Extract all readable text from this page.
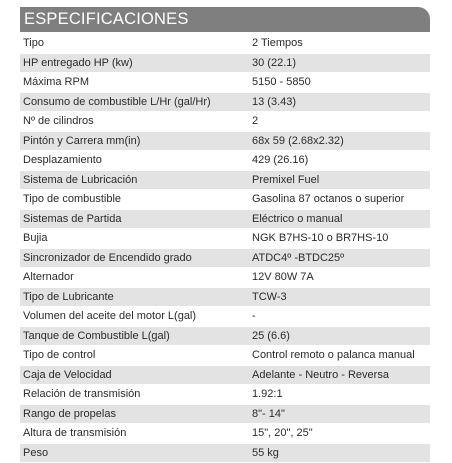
ESPECIFICACIONES
Tipo	2 Tiempos
HP entregado HP (kw)	30 (22.1)
Máxima RPM	5150 - 5850
Consumo de combustible L/Hr (gal/Hr)	13 (3.43)
Nº de cilindros	2
Pintón y Carrera mm(in)	68x 59 (2.68x2.32)
Desplazamiento	429 (26.16)
Sistema de Lubricación	Premixel Fuel
Tipo de combustible	Gasolina 87 octanos o superior
Sistemas de Partida	Eléctrico o manual
Bujia	NGK B7HS-10 o BR7HS-10
Sincronizador de Encendido grado	ATDC4º -BTDC25º
Alternador	12V 80W 7A
Tipo de Lubricante	TCW-3
Volumen del aceite del motor L(gal)	-
Tanque de Combustible L(gal)	25 (6.6)
Tipo de control	Control remoto o palanca manual
Caja de Velocidad	Adelante - Neutro - Reversa
Relación de transmisión	1.92:1
Rango de propelas	8"- 14"
Altura de transmisión	15", 20", 25"
Peso	55 kg
